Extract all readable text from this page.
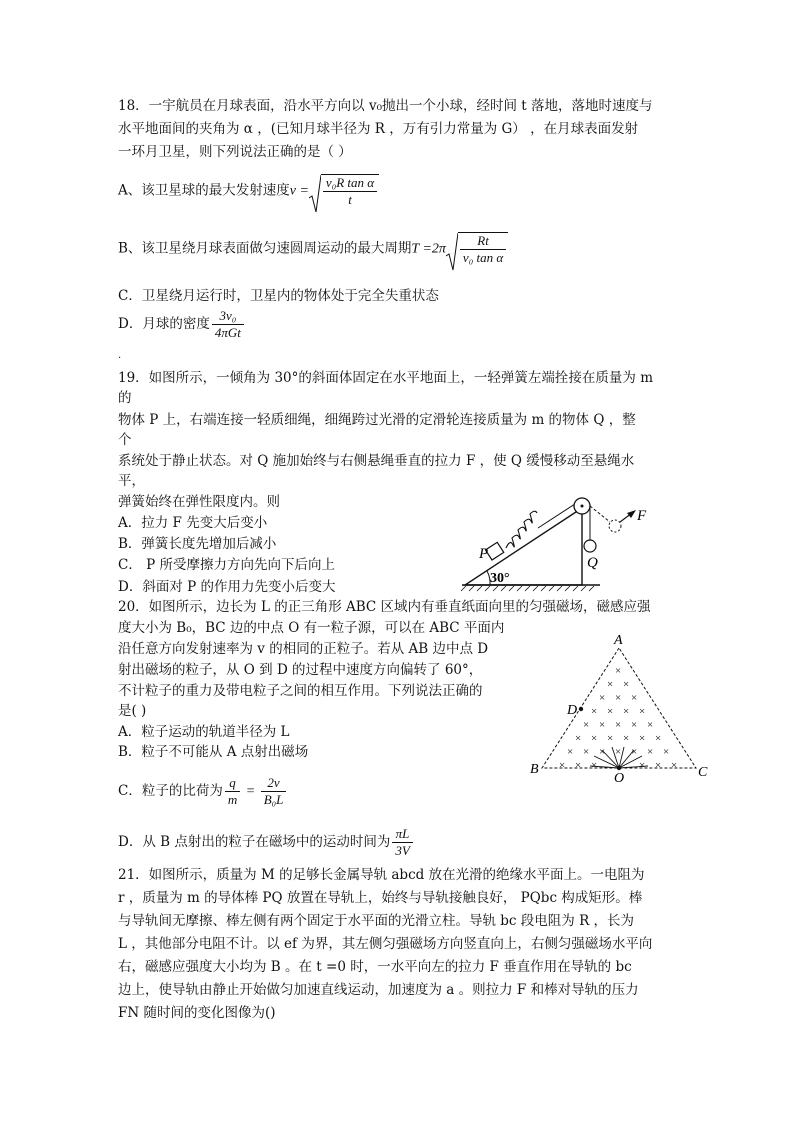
18．一宇航员在月球表面，沿水平方向以 v₀抛出一个小球，经时间 t 落地，落地时速度与
水平地面间的夹角为 α ，(已知月球半径为 R ，万有引力常量为 G） ，在月球表面发射
一环月卫星，则下列说法正确的是（ ）
A、该卫星球的最大发射速度$v = \frac{\text{v₀R tan α}}{t}$
B、该卫星绕月球表面做匀速圆周运动的最大周期$T =2\pi \frac{Rt}{\text{v₀ tan α}}$
C．卫星绕月运行时，卫星内的物体处于完全失重状态
D．月球的密度 $\frac{\text{3v₀}}{\text{4πGt}}$
.
19．如图所示，一倾角为 30°的斜面体固定在水平地面上，一轻弹簧左端拴接在质量为 m
的
物体 P 上，右端连接一轻质细绳，细绳跨过光滑的定滑轮连接质量为 m 的物体 Q ，整
个
系统处于静止状态。对 Q 施加始终与右侧悬绳垂直的拉力 F ，使 Q 缓慢移动至悬绳水
平，
弹簧始终在弹性限度内。则
A．拉力 F 先变大后变小
B．弹簧长度先增加后减小
C． P 所受摩擦力方向先向下后向上
D．斜面对 P 的作用力先变小后变大
30°
P
Q
F
20．如图所示，边长为 L 的正三角形 ABC 区域内有垂直纸面向里的匀强磁场，磁感应强
度大小为 B₀，BC 边的中点 O 有一粒子源，可以在 ABC 平面内
沿任意方向发射速率为 v 的相同的正粒子。若从 AB 边中点 D
射出磁场的粒子，从 O 到 D 的过程中速度方向偏转了 60°，
不计粒子的重力及带电粒子之间的相互作用。下列说法正确的
是( )
A．粒子运动的轨道半径为 L
B．粒子不可能从 A 点射出磁场
C．粒子的比荷为 $\frac{q}{m} = \frac{2v}{\text{B₀L}}$
D．从 B 点射出的粒子在磁场中的运动时间为 $\frac{\pi L}{3V}$
×
× ×
× × ×
× × × ×
× × × × ×
× × × × × ×
× × × × × × ×
× × ×	× × ×
A
B	C
D
O
21．如图所示，质量为 M 的足够长金属导轨 abcd 放在光滑的绝缘水平面上。一电阻为
r ，质量为 m 的导体棒 PQ 放置在导轨上，始终与导轨接触良好， PQbc 构成矩形。棒
与导轨间无摩擦、棒左侧有两个固定于水平面的光滑立柱。导轨 bc 段电阻为 R ，长为
L ，其他部分电阻不计。以 ef 为界，其左侧匀强磁场方向竖直向上，右侧匀强磁场水平向
右，磁感应强度大小均为 B 。在 t =0 时，一水平向左的拉力 F 垂直作用在导轨的 bc
边上，使导轨由静止开始做匀加速直线运动，加速度为 a 。则拉力 F 和棒对导轨的压力
FN 随时间的变化图像为()
